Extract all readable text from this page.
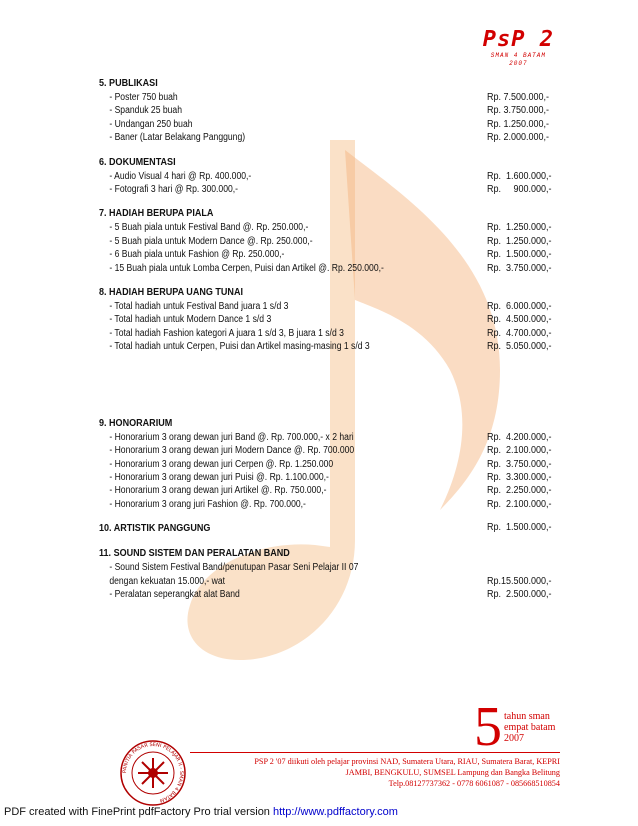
PsP 2
SMAN 4 BATAM
2007
5. PUBLIKASI
- Poster 750 buah	Rp. 7.500.000,-
- Spanduk 25 buah	Rp. 3.750.000,-
- Undangan 250 buah	Rp. 1.250.000,-
- Baner (Latar Belakang Panggung)	Rp. 2.000.000,-
6. DOKUMENTASI
- Audio Visual 4 hari @ Rp. 400.000,-	Rp.  1.600.000,-
- Fotografi 3 hari @ Rp. 300.000,-	Rp.     900.000,-
7. HADIAH BERUPA PIALA
- 5 Buah piala untuk Festival Band @. Rp. 250.000,-	Rp.  1.250.000,-
- 5 Buah piala untuk Modern Dance @. Rp. 250.000,-	Rp.  1.250.000,-
- 6 Buah piala untuk Fashion @ Rp. 250.000,-	Rp.  1.500.000,-
- 15 Buah piala untuk Lomba Cerpen, Puisi dan Artikel @. Rp. 250.000,-	Rp.  3.750.000,-
8. HADIAH BERUPA UANG TUNAI
- Total hadiah untuk Festival Band juara 1 s/d 3	Rp.  6.000.000,-
- Total hadiah untuk Modern Dance 1 s/d 3	Rp.  4.500.000,-
- Total hadiah Fashion kategori A juara 1 s/d 3, B juara 1 s/d 3	Rp.  4.700.000,-
- Total hadiah untuk Cerpen, Puisi dan Artikel masing-masing 1 s/d 3	Rp.  5.050.000,-
9. HONORARIUM
- Honorarium 3 orang dewan juri Band @. Rp. 700.000,- x 2 hari	Rp.  4.200.000,-
- Honorarium 3 orang dewan juri Modern Dance @. Rp. 700.000	Rp.  2.100.000,-
- Honorarium 3 orang dewan juri Cerpen @. Rp. 1.250.000	Rp.  3.750.000,-
- Honorarium 3 orang dewan juri Puisi @. Rp. 1.100.000,-	Rp.  3.300.000,-
- Honorarium 3 orang dewan juri Artikel @. Rp. 750.000,-	Rp.  2.250.000,-
- Honorarium 3 orang juri Fashion @. Rp. 700.000,-	Rp.  2.100.000,-
10. ARTISTIK PANGGUNG	Rp.  1.500.000,-
11. SOUND SISTEM DAN PERALATAN BAND
- Sound Sistem Festival Band/penutupan Pasar Seni Pelajar II 07
dengan kekuatan 15.000,- wat	Rp.15.500.000,-
- Peralatan seperangkat alat Band	Rp.  2.500.000,-
5 tahun sman
empat batam
2007
PSP 2 '07 diikuti oleh pelajar provinsi NAD, Sumatera Utara, RIAU, Sumatera Barat, KEPRI
JAMBI, BENGKULU, SUMSEL Lampung dan Bangka Belitung
Telp.08127737362 - 0778 6061087 - 085668510854
PANITIA PASAR SENI PELAJAR II - SMAN 4 BATAM
PDF created with FinePrint pdfFactory Pro trial version http://www.pdffactory.com
